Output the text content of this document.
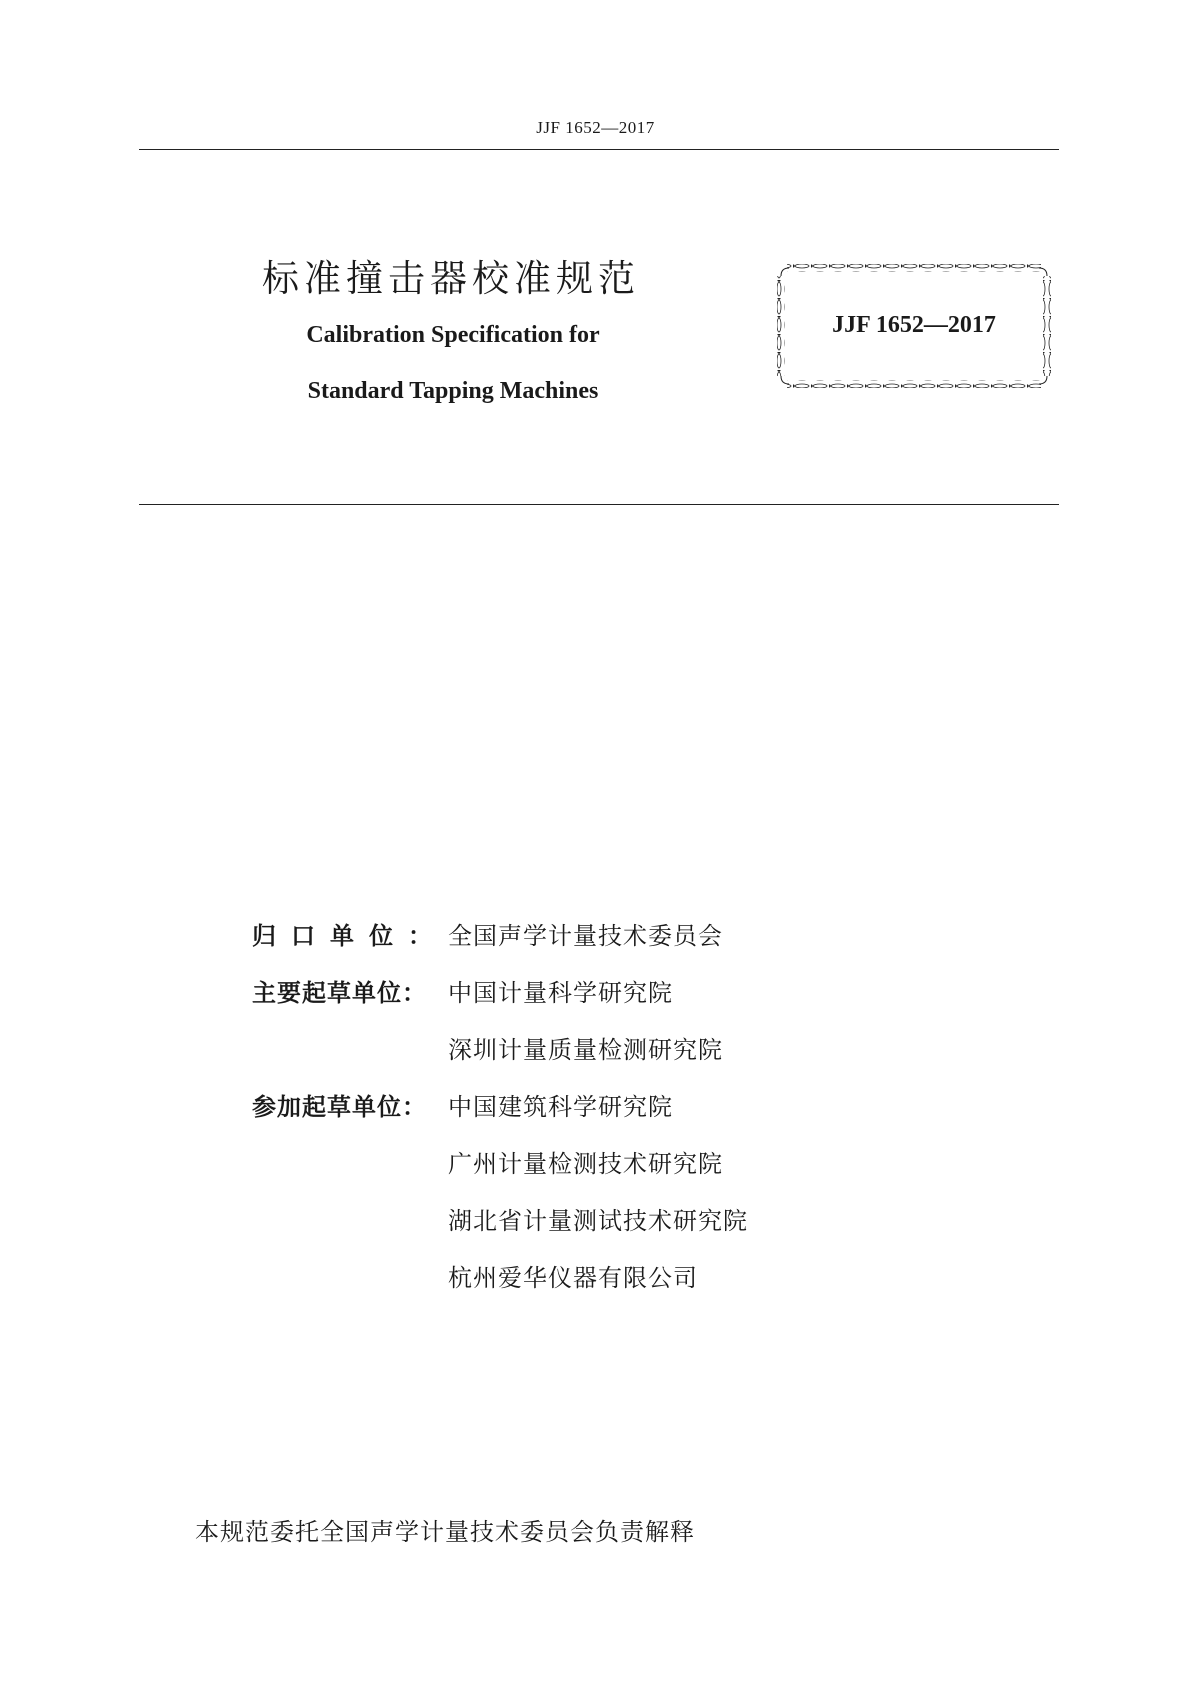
JJF 1652—2017
标准撞击器校准规范
Calibration Specification for
Standard Tapping Machines
JJF 1652—2017
归口单位： 全国声学计量技术委员会
主要起草单位： 中国计量科学研究院
深圳计量质量检测研究院
参加起草单位： 中国建筑科学研究院
广州计量检测技术研究院
湖北省计量测试技术研究院
杭州爱华仪器有限公司
本规范委托全国声学计量技术委员会负责解释
